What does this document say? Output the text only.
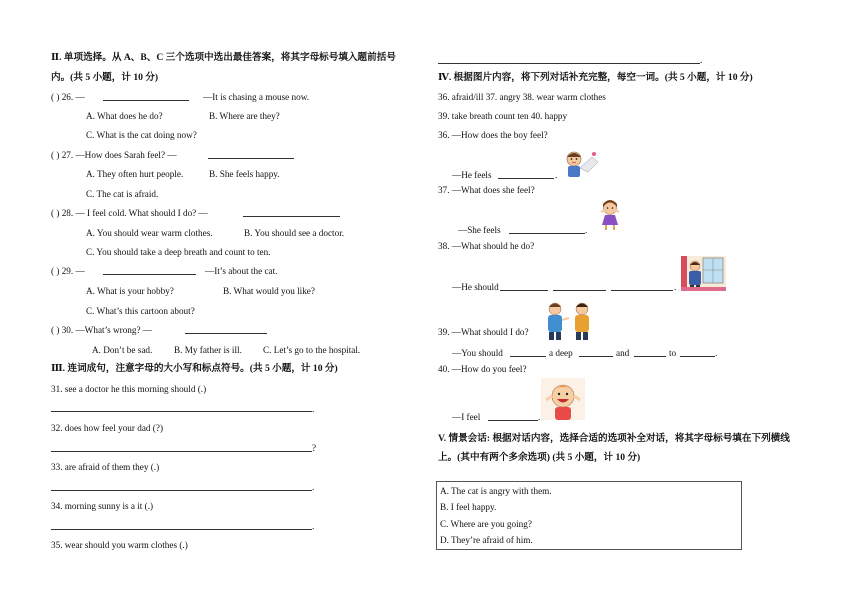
Ⅱ. 单项选择。从 A、B、C 三个选项中选出最佳答案，将其字母标号填入题前括号
内。(共 5 小题，计 10 分)
( ) 26. —	—It is chasing a mouse now.
A. What does he do?	B. Where are they?
C. What is the cat doing now?
( ) 27. —How does Sarah feel? —
A. They often hurt people.	B. She feels happy.
C. The cat is afraid.
( ) 28. — I feel cold. What should I do? —
A. You should wear warm clothes.	B. You should see a doctor.
C. You should take a deep breath and count to ten.
( ) 29. —	—It’s about the cat.
A. What is your hobby?	B. What would you like?
C. What’s this cartoon about?
( ) 30. —What’s wrong? —
A. Don’t be sad. B. My father is ill. C. Let’s go to the hospital.
Ⅲ. 连词成句，注意字母的大小写和标点符号。(共 5 小题，计 10 分)
31. see a doctor he this morning should (.)
.
32. does how feel your dad (?)
?
33. are afraid of them they (.)
.
34. morning sunny is a it (.)
.
35. wear should you warm clothes (.)
.
Ⅳ. 根据图片内容，将下列对话补充完整，每空一词。(共 5 小题，计 10 分)
36. afraid/ill 37. angry 38. wear warm clothes
39. take breath count ten 40. happy
36. —How does the boy feel?
—He feels	.
37. —What does she feel?
—She feels	.
38. —What should he do?
—He should	.
39. —What should I do?
—You should	a deep	and	to	.
40. —How do you feel?
—I feel	.
V. 情景会话: 根据对话内容，选择合适的选项补全对话，将其字母标号填在下列横线
上。(其中有两个多余选项) (共 5 小题，计 10 分)
A. The cat is angry with them.
B. I feel happy.
C. Where are you going?
D. They’re afraid of him.
